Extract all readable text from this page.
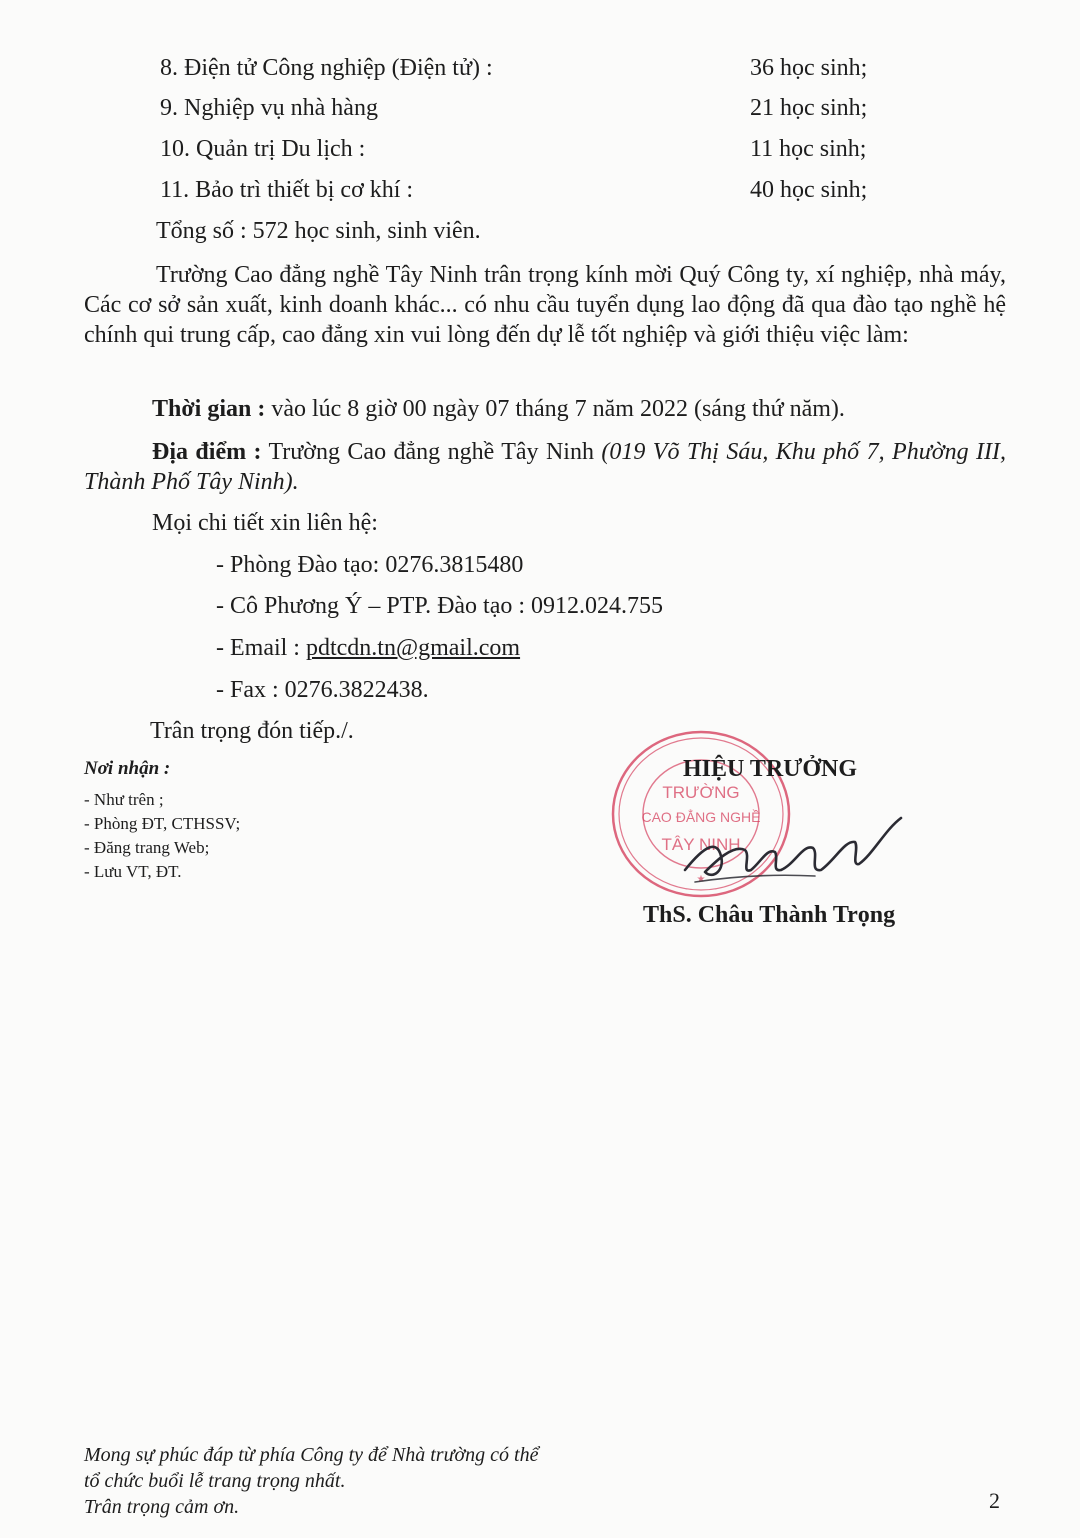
8. Điện tử Công nghiệp (Điện tử) :	36 học sinh;
9. Nghiệp vụ nhà hàng	21 học sinh;
10. Quản trị Du lịch :	11 học sinh;
11. Bảo trì thiết bị cơ khí :	40 học sinh;
Tổng số : 572 học sinh, sinh viên.
Trường Cao đẳng nghề Tây Ninh trân trọng kính mời Quý Công ty, xí nghiệp, nhà máy, Các cơ sở sản xuất, kinh doanh khác... có nhu cầu tuyển dụng lao động đã qua đào tạo nghề hệ chính qui trung cấp, cao đẳng xin vui lòng đến dự lễ tốt nghiệp và giới thiệu việc làm:
Thời gian : vào lúc 8 giờ 00 ngày 07 tháng 7 năm 2022 (sáng thứ năm).
Địa điểm : Trường Cao đẳng nghề Tây Ninh (019 Võ Thị Sáu, Khu phố 7, Phường III, Thành Phố Tây Ninh).
Mọi chi tiết xin liên hệ:
- Phòng Đào tạo: 0276.3815480
- Cô Phương Ý – PTP. Đào tạo : 0912.024.755
- Email : pdtcdn.tn@gmail.com
- Fax : 0276.3822438.
Trân trọng đón tiếp./.
Nơi nhận :
- Như trên ;
- Phòng ĐT, CTHSSV;
- Đăng trang Web;
- Lưu VT, ĐT.
TRƯỜNG
CAO ĐẲNG NGHỀ
TÂY NINH
★
HIỆU TRƯỞNG
ThS. Châu Thành Trọng
Mong sự phúc đáp từ phía Công ty để Nhà trường có thể
tổ chức buổi lễ trang trọng nhất.
Trân trọng cảm ơn.	2
